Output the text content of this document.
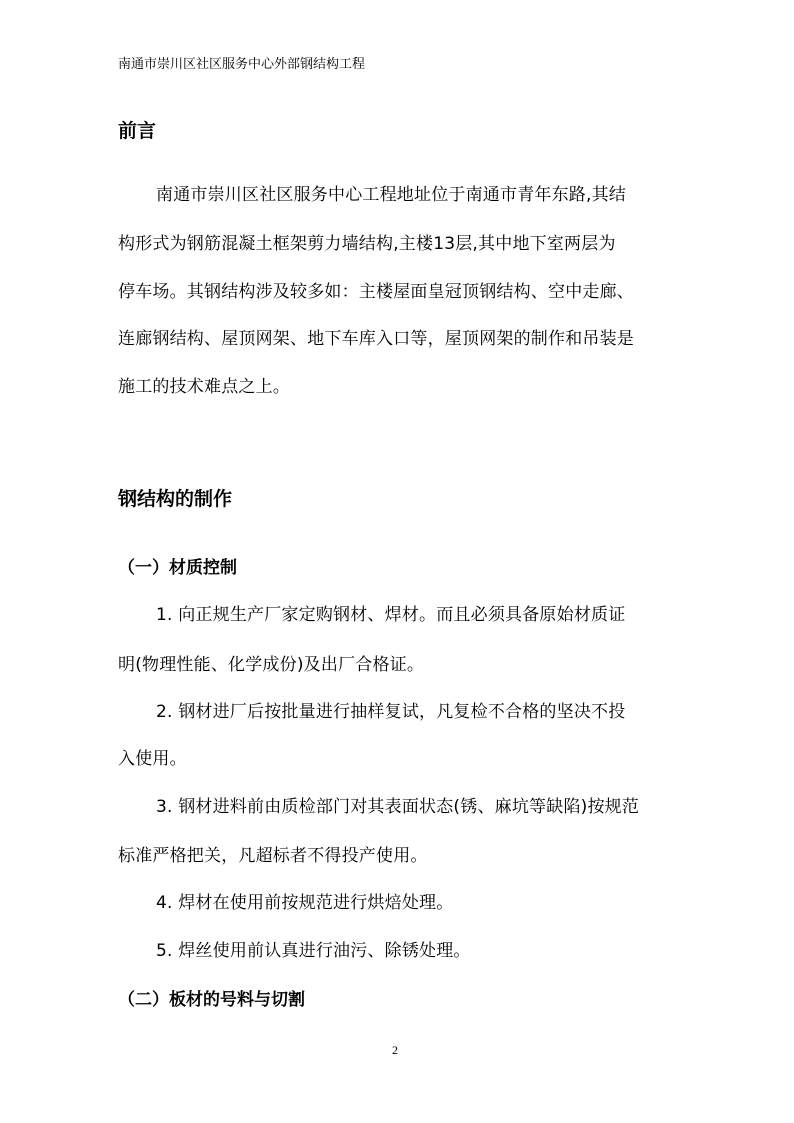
南通市崇川区社区服务中心外部钢结构工程
前言
南通市崇川区社区服务中心工程地址位于南通市青年东路,其结
构形式为钢筋混凝土框架剪力墙结构,主楼13层,其中地下室两层为
停车场。其钢结构涉及较多如：主楼屋面皇冠顶钢结构、空中走廊、
连廊钢结构、屋顶网架、地下车库入口等，屋顶网架的制作和吊装是
施工的技术难点之上。
钢结构的制作
（一）材质控制
1. 向正规生产厂家定购钢材、焊材。而且必须具备原始材质证
明(物理性能、化学成份)及出厂合格证。
2. 钢材进厂后按批量进行抽样复试，凡复检不合格的坚决不投
入使用。
3. 钢材进料前由质检部门对其表面状态(锈、麻坑等缺陷)按规范
标准严格把关，凡超标者不得投产使用。
4. 焊材在使用前按规范进行烘焙处理。
5. 焊丝使用前认真进行油污、除锈处理。
（二）板材的号料与切割
2
